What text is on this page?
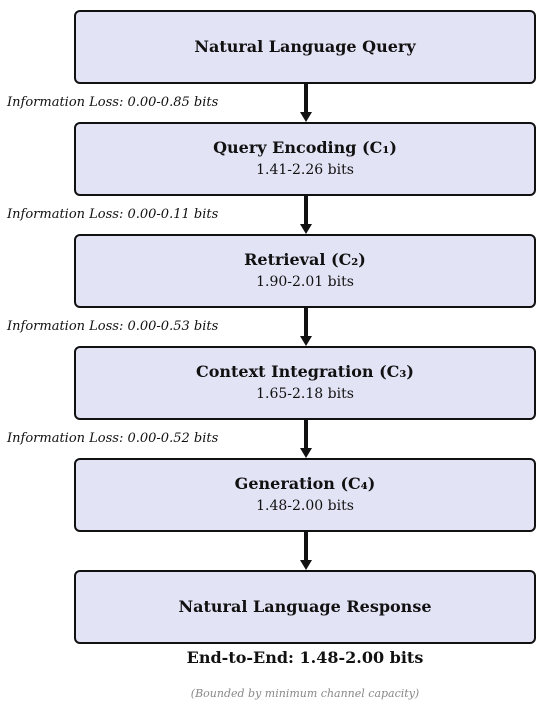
Natural Language Query
Query Encoding (C₁)
1.41-2.26 bits
Retrieval (C₂)
1.90-2.01 bits
Context Integration (C₃)
1.65-2.18 bits
Generation (C₄)
1.48-2.00 bits
Natural Language Response
Information Loss: 0.00-0.85 bits
Information Loss: 0.00-0.11 bits
Information Loss: 0.00-0.53 bits
Information Loss: 0.00-0.52 bits
End-to-End: 1.48-2.00 bits
(Bounded by minimum channel capacity)
